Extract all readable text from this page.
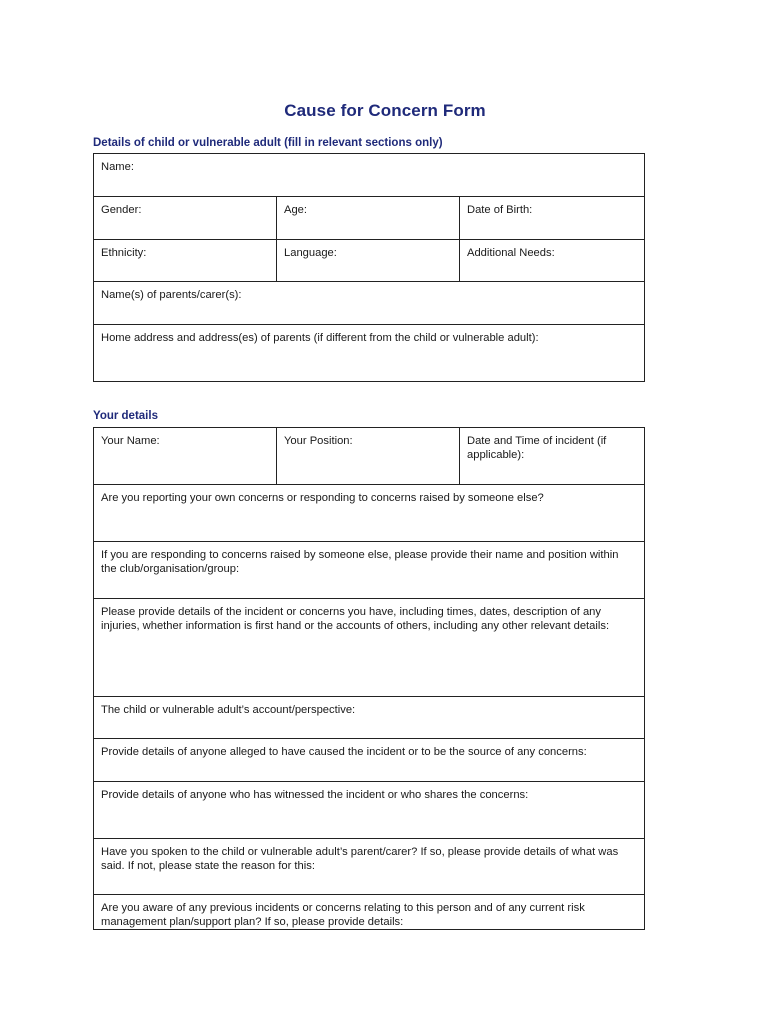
Cause for Concern Form
Details of child or vulnerable adult (fill in relevant sections only)
Name:		

Gender:	Age:	Date of Birth:

Ethnicity:	Language:	Additional Needs:

Name(s) of parents/carer(s):		

Home address and address(es) of parents (if different from the child or vulnerable adult):		
Your details
Your Name:	Your Position:	Date and Time of incident (if applicable):

Are you reporting your own concerns or responding to concerns raised by someone else?

If you are responding to concerns raised by someone else, please provide their name and position within the club/organisation/group:

Please provide details of the incident or concerns you have, including times, dates, description of any injuries, whether information is first hand or the accounts of others, including any other relevant details:

The child or vulnerable adult’s account/perspective:

Provide details of anyone alleged to have caused the incident or to be the source of any concerns:

Provide details of anyone who has witnessed the incident or who shares the concerns:

Have you spoken to the child or vulnerable adult’s parent/carer? If so, please provide details of what was said. If not, please state the reason for this:

Are you aware of any previous incidents or concerns relating to this person and of any current risk management plan/support plan? If so, please provide details:
